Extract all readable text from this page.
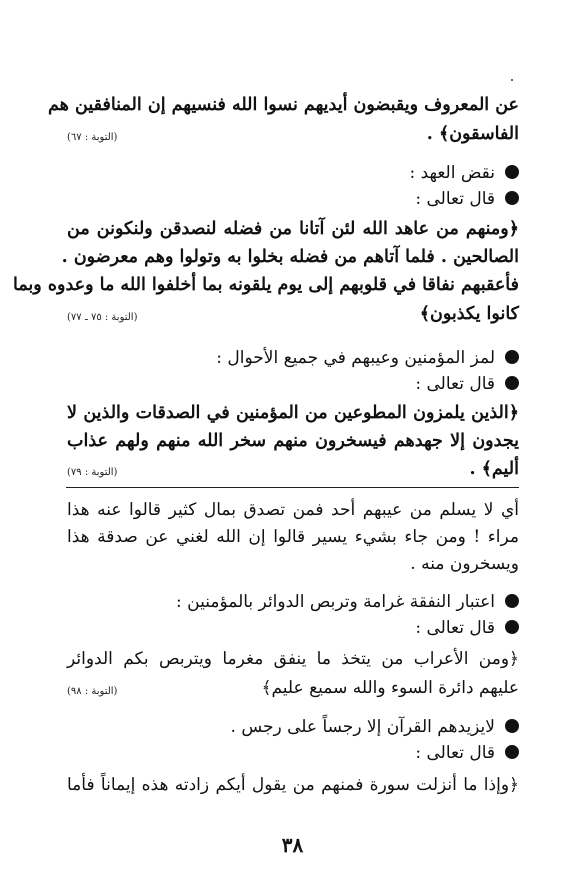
عن المعروف ويقبضون أيديهم نسوا الله فنسيهم إن المنافقين هم
الفاسقون﴾ .
(التوبة : ٦٧)
نقض العهد :
قال تعالى :
﴿ومنهم من عاهد الله لئن آتانا من فضله لنصدقن ولنكونن من
الصالحين . فلما آتاهم من فضله بخلوا به وتولوا وهم معرضون .
فأعقبهم نفاقا في قلوبهم إلى يوم يلقونه بما أخلفوا الله ما وعدوه وبما
كانوا يكذبون﴾
(التوبة : ٧٥ ـ ٧٧)
لمز المؤمنين وعيبهم في جميع الأحوال :
قال تعالى :
﴿الذين يلمزون المطوعين من المؤمنين في الصدقات والذين لا
يجدون إلا جهدهم فيسخرون منهم سخر الله منهم ولهم عذاب
أليم﴾ .
(التوبة : ٧٩)
أي لا يسلم من عيبهم أحد فمن تصدق بمال كثير قالوا عنه هذا
مراء ! ومن جاء بشيء يسير قالوا إن الله لغني عن صدقة هذا
ويسخرون منه .
اعتبار النفقة غرامة وتربص الدوائر بالمؤمنين :
قال تعالى :
﴿ومن الأعراب من يتخذ ما ينفق مغرما ويتربص بكم الدوائر
عليهم دائرة السوء والله سميع عليم﴾
(التوبة : ٩٨)
لايزيدهم القرآن إلا رجساً على رجس .
قال تعالى :
﴿وإذا ما أنزلت سورة فمنهم من يقول أيكم زادته هذه إيماناً فأما
٣٨
